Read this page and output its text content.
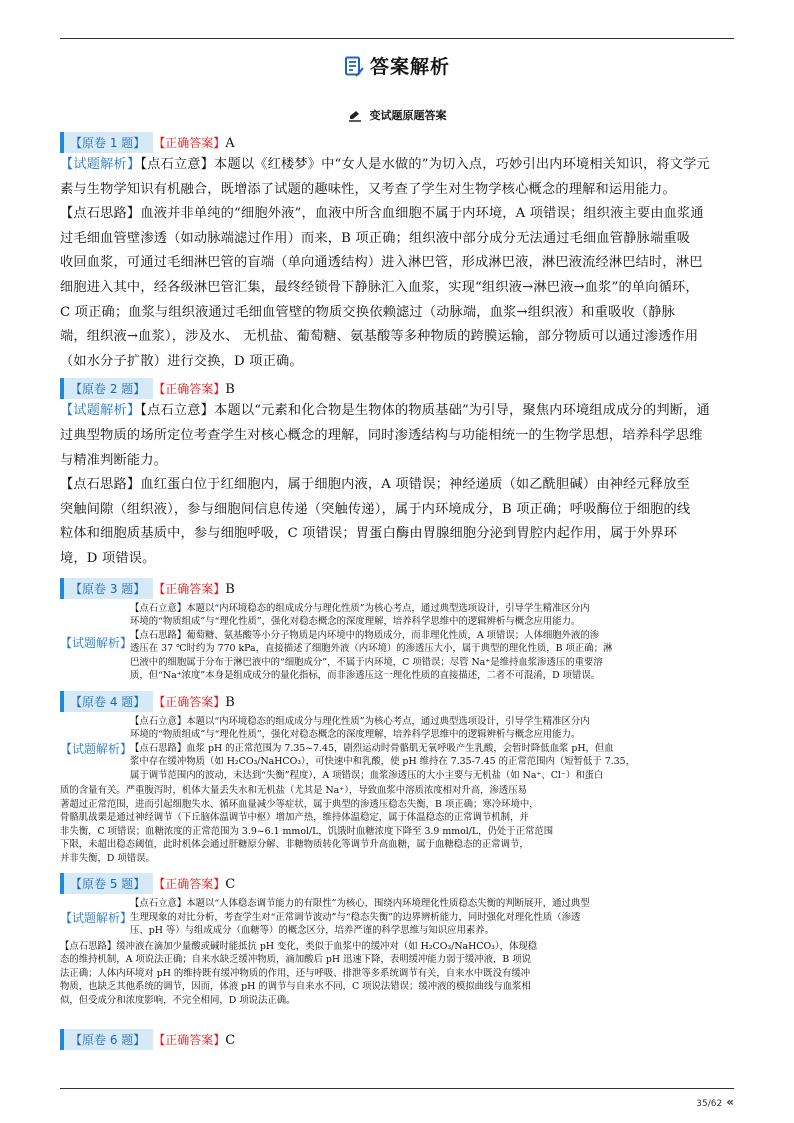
答案解析
变试题原题答案
【原卷 1 题】 【正确答案】A

【试题解析】【点石立意】本题以《红楼梦》中“女人是水做的”为切入点，巧妙引出内环境相关知识，将文学元

素与生物学知识有机融合，既增添了试题的趣味性，又考查了学生对生物学核心概念的理解和运用能力。

【点石思路】血液并非单纯的“细胞外液”，血液中所含血细胞不属于内环境，A 项错误；组织液主要由血浆通

过毛细血管壁渗透（如动脉端滤过作用）而来，B 项正确；组织液中部分成分无法通过毛细血管静脉端重吸

收回血浆，可通过毛细淋巴管的盲端（单向通透结构）进入淋巴管，形成淋巴液，淋巴液流经淋巴结时，淋巴

细胞进入其中，经各级淋巴管汇集，最终经锁骨下静脉汇入血浆，实现“组织液→淋巴液→血浆”的单向循环，

C 项正确；血浆与组织液通过毛细血管壁的物质交换依赖滤过（动脉端，血浆→组织液）和重吸收（静脉

端，组织液→血浆），涉及水、 无机盐、葡萄糖、氨基酸等多种物质的跨膜运输，部分物质可以通过渗透作用

（如水分子扩散）进行交换，D 项正确。

【原卷 2 题】 【正确答案】B

【试题解析】【点石立意】本题以“元素和化合物是生物体的物质基础”为引导，聚焦内环境组成成分的判断，通

过典型物质的场所定位考查学生对核心概念的理解，同时渗透结构与功能相统一的生物学思想，培养科学思维

与精准判断能力。

【点石思路】血红蛋白位于红细胞内，属于细胞内液，A 项错误；神经递质（如乙酰胆碱）由神经元释放至

突触间隙（组织液），参与细胞间信息传递（突触传递），属于内环境成分，B 项正确；呼吸酶位于细胞的线

粒体和细胞质基质中，参与细胞呼吸，C 项错误；胃蛋白酶由胃腺细胞分泌到胃腔内起作用，属于外界环

境，D 项错误。

【原卷 3 题】 【正确答案】B
【试题解析】

【点石立意】本题以“内环境稳态的组成成分与理化性质”为核心考点，通过典型选项设计，引导学生精准区分内

环境的“物质组成”与“理化性质”，强化对稳态概念的深度理解，培养科学思维中的逻辑辨析与概念应用能力。

【点石思路】葡萄糖、氨基酸等小分子物质是内环境中的物质成分，而非理化性质，A 项错误；人体细胞外液的渗

透压在 37 ℃时约为 770 kPa，直接描述了细胞外液（内环境）的渗透压大小，属于典型的理化性质，B 项正确；淋

巴液中的细胞属于分布于淋巴液中的“细胞成分”，不属于内环境，C 项错误；尽管 Na⁺是维持血浆渗透压的重要溶

质，但“Na⁺浓度”本身是组成成分的量化指标，而非渗透压这一理化性质的直接描述，二者不可混淆，D 项错误。

【原卷 4 题】 【正确答案】B
【试题解析】

【点石立意】本题以“内环境稳态的组成成分与理化性质”为核心考点，通过典型选项设计，引导学生精准区分内

环境的“物质组成”与“理化性质”，强化对稳态概念的深度理解，培养科学思维中的逻辑辨析与概念应用能力。

【点石思路】血浆 pH 的正常范围为 7.35~7.45，剧烈运动时骨骼肌无氧呼吸产生乳酸，会暂时降低血浆 pH，但血

浆中存在缓冲物质（如 H₂CO₃/NaHCO₃），可快速中和乳酸，使 pH 维持在 7.35-7.45 的正常范围内（短暂低于 7.35，

属于调节范围内的波动，未达到“失衡”程度），A 项错误；血浆渗透压的大小主要与无机盐（如 Na⁺、Cl⁻）和蛋白

质的含量有关。严重腹泻时，机体大量丢失水和无机盐（尤其是 Na⁺），导致血浆中溶质浓度相对升高，渗透压易

著超过正常范围，进而引起细胞失水、循环血量减少等症状，属于典型的渗透压稳态失衡，B 项正确；寒冷环境中，

骨骼肌战栗是通过神经调节（下丘脑体温调节中枢）增加产热，维持体温稳定，属于体温稳态的正常调节机制，并

非失衡，C 项错误；血糖浓度的正常范围为 3.9~6.1 mmol/L，饥饿时血糖浓度下降至 3.9 mmol/L，仍处于正常范围

下限，未超出稳态阈值，此时机体会通过肝糖原分解、非糖物质转化等调节升高血糖，属于血糖稳态的正常调节，

并非失衡，D 项错误。

【原卷 5 题】 【正确答案】C
【试题解析】

【点石立意】本题以“人体稳态调节能力的有限性”为核心，围绕内环境理化性质稳态失衡的判断展开，通过典型

生理现象的对比分析，考查学生对“正常调节波动”与“稳态失衡”的边界辨析能力，同时强化对理化性质（渗透

压、pH 等）与组成成分（血糖等）的概念区分，培养严谨的科学思维与知识应用素养。

【点石思路】缓冲液在滴加少量酸或碱时能抵抗 pH 变化，类似于血浆中的缓冲对（如 H₂CO₃/NaHCO₃），体现稳

态的维持机制，A 项说法正确；自来水缺乏缓冲物质，滴加酸后 pH 迅速下降，表明缓冲能力弱于缓冲液，B 项说

法正确；人体内环境对 pH 的维持既有缓冲物质的作用，还与呼吸、排泄等多系统调节有关，自来水中既没有缓冲

物质，也缺乏其他系统的调节，因而，体液 pH 的调节与自来水不同，C 项说法错误；缓冲液的模拟曲线与血浆相

似，但受成分和浓度影响，不完全相同，D 项说法正确。

【原卷 6 题】 【正确答案】C
35/62 «
